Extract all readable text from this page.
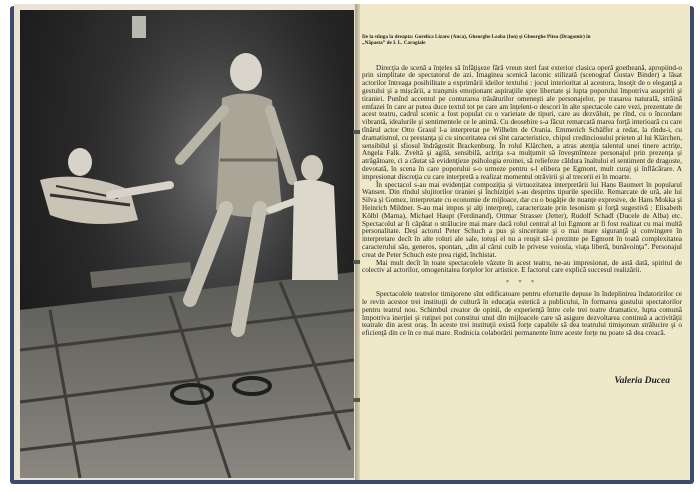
De la stînga la dreapta: Gorelica Lizaro (Anca), Gheorghe Leaba (Ion) şi Gheorghe Pitea (Dragomir) în „Năpasta” de I. L. Caragiale

Direcţia de scenă a înţeles să înfăţişeze fără vreun sterl fast exterior clasica operă goetheană, apropiind-o prin simplitate de spectatorul de azi. Imaginea scenică laconic stilizată (scenograf Gustav Binder) a lăsat actorilor întreaga posibilitate a exprimării ideilor textului : jocul interioritat al acestora, însoţit de o eleganţă a gestului şi a mişcării, a tranşmis emoţionant aspiraţiile spre libertate şi lupta poporului împotriva asupririi şi tiraniei. Punînd accentul pe conturarea trăsăturilor omeneşti ale personajelor, pe trasarea naturală, străină emfazei în care ar putea duce textul tot pe care am înţelent-o descori în alte spectacole care vezi, prezentate de acest teatru, cadrul scenic a fost populat cu o varietate de tipuri, care au dezvăluit, pe rînd, cu o încordare vibrantă, idealurile şi sentimentele ce le animă. Cu deosebire s-a făcut remarcată marea forţă interioară cu care tînărul actor Otto Grassl l-a interpretat pe Wilhelm de Orania. Emmerich Schäffer a redat, la rîndu-i, cu dramatismul, cu prestanţa şi cu sinceritatea cei sînt caracteristice, chipul credinciosului prieten al lui Klärchen, sensibilul şi sfiosul îndrăgostit Brackenburg. În rolul Klärchen, a atras atenţia talentul unei tinere actriţe, Angela Falk. Zveltă şi agilă, sensibilă, actriţa s-a mulţumit să înveşmînteze personajul prin prezenţa şi atrăgătoare, ci a căutat să evidenţieze psihologia eroinei, să reliefeze căldura înaltului el sentiment de dragoste, devotată, în scena în care poporului s-o urmeze pentru s-l elibera pe Egmont, mult curaj şi înflăcărare. A impresionat discreţia cu care interpretă a realizat momentul otrăvirii şi al trecerii ei în moarte.

În spectacol s-au mai evidenţiat compoziţia şi virtuozitatea interpretării lui Hans Baumert în popularul Wansen. Din rîndul slujitorilor tiraniei şi închiziţiei s-au desprins tipurile speciile. Remarcate de ură, ale lui Silva şi Gomez, interpretate cu economie de mijloace, dar cu o bogăţie de nuanţe expresive, de Hans Mokka şi Heinrich Mildner. S-au mai impus şi alţi interpreţi, caracterizate prin lesonism şi forţă sugestivă : Elisabeth Kölbl (Marna), Michael Haupt (Ferdinand), Ottmar Strasser (Jetter), Rudolf Schadl (Ducele de Alba) etc. Spectacolul ar fi căpătat o strălucire mai mare dacă rolul central al lui Egmont ar fi fost realizat cu mai multă personalitate. Deşi actorul Peter Schuch a pus şi sinceritate şi o mai mare siguranţă şi convingere în interpretare decît în alte roluri ale sale, totuşi el nu a reuşit să-i prezinte pe Egmont în toată complexitatea caracterului său, generos, spontan, „din al cărui cuib le privese voiosla, viaţa liberă, bunăvoinţa”. Personajul creat de Peter Schuch este prea rigid, închistat.

Mai mult decît în toate spectacolele văzute în acest teatru, ne-au impresionat, de astă dată, spiritul de colectiv al actorilor, omogenitatea forţelor lor artistice. E factorul care explică succesul realizării.

* * *

Spectacolele teatrelor timişorene sînt edificatoare pentru eforturile depuse în îndeplinirea îndatoririlor ce le revin acestor trei instituţii de cultură în educaţia estetică a publicului, în formarea gustului spectatorilor pentru teatrul nou. Schimbul creator de opinii, de experienţă între cele trei teatre dramatice, lupta comună împotriva inerţiei şi rutinei pot constitui unul din mijloacele care să asigure dezvoltarea continuă a activităţii teatrale din acest oraş. În aceste trei instituţii există forţe capabile să dea teatrului timişorean strălucire şi o eficienţă din ce în ce mai mare. Rodnicia colaborării permanente între aceste forţe nu poate să dea creacă.

Valeria Ducea
